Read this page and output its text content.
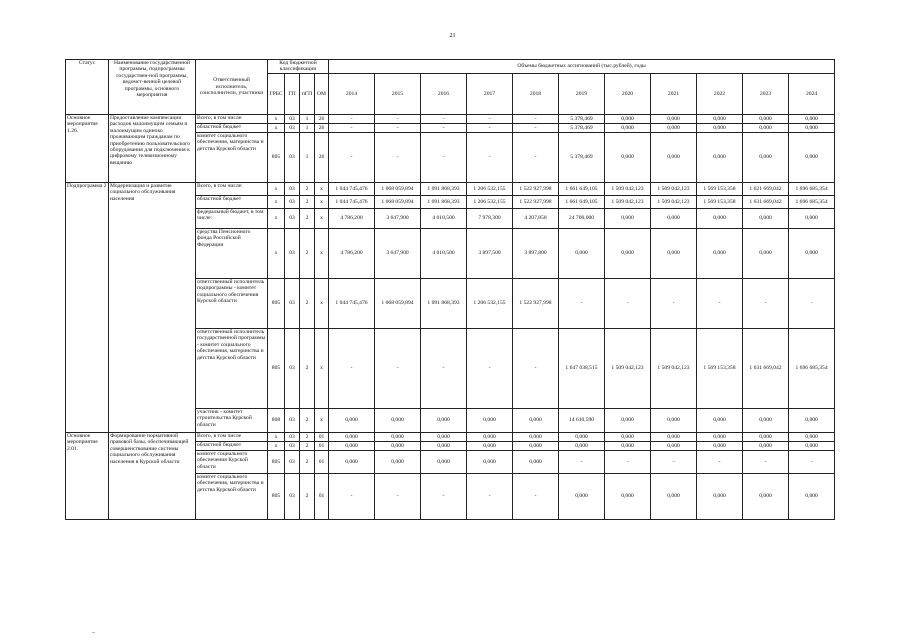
21
Статус	Наименование государственной программы, подпрограммы государствен-ной программы, ведомст-венной целевой программы, основного мероприятия	Ответственный исполнитель, соисполнители, участники	Код бюджетной классификации				Объемы бюджетных ассигнований (тыс.рублей), годы										
			ГРБС	ГП	пГП	ОМ	2014	2015	2016	2017	2018	2019	2020	2021	2022	2023	2024
Основное мероприятие 1.26.	Предоставление компенсации расходов малоимущим семьям и малоимущим одиноко проживающим гражданам по приобретению пользовательского оборудования для подключения к цифровому телевизионному вещанию	Всего, в том числе:	x	03	1	26	-	-	-	-	-	5 378,469	0,000	0,000	0,000	0,000	0,000
		областной бюджет	x	03	1	26	-	-	-	-	-	5 378,469	0,000	0,000	0,000	0,000	0,000
		комитет социального обеспечения, материнства и детства Курской области	805	03	1	26	-	-	-	-	-	5 378,469	0,000	0,000	0,000	0,000	0,000
Подпрограмма 2	Модернизация и развитие социального обслуживания населения	Всего, в том числе:	x	03	2	x	1 044 745,476	1 068 059,894	1 091 868,393	1 206 532,155	1 522 927,998	1 661 649,105	1 509 042,123	1 509 042,123	1 569 153,358	1 621 669,042	1 696 685,354
		областной бюджет	x	03	2	x	1 044 745,476	1 068 059,894	1 091 868,393	1 206 532,155	1 522 927,998	1 661 649,105	1 509 042,123	1 509 042,123	1 569 153,358	1 631 669,042	1 696 685,354
		федеральный бюджет, в том числе:	x	03	2	x	4 786,200	3 647,900	4 010,500	7 978,300	4 207,858	24 700,000	0,000	0,000	0,000	0,000	0,000
		средства Пенсионного фонда Российской Федерации	x	03	2	x	4 786,200	3 647,900	4 010,500	3 897,500	3 897,800	0,000	0,000	0,000	0,000	0,000	0,000
		ответственный исполнитель подпрограммы - комитет социального обеспечения Курской области	805	03	2	x	1 044 745,476	1 068 059,894	1 091 868,393	1 206 532,155	1 522 927,998	-	-	-	-	-	-
		ответственный исполнитель государственной программы - комитет социального обеспечения, материнства и детства Курской области	805	03	2	x	-	-	-	-	-	1 647 038,515	1 509 042,123	1 509 042,123	1 569 153,358	1 631 669,042	1 696 685,354
		участник - комитет строительства Курской области	808	03	2	x	0,000	0,000	0,000	0,000	0,000	14 610,590	0,000	0,000	0,000	0,000	0,000
Основное мероприятие 2.01.	Формирование нормативной правовой базы, обеспечивающей совершенствование системы социального обслуживания населения в Курской области	Всего, в том числе	x	03	2	01	0,000	0,000	0,000	0,000	0,000	0,000	0,000	0,000	0,000	0,000	0,000
		областной бюджет	x	03	2	01	0,000	0,000	0,000	0,000	0,000	0,000	0,000	0,000	0,000	0,000	0,000
		комитет социального обеспечения Курской области	805	03	2	01	0,000	0,000	0,000	0,000	0,000	-	-	-	-	-	-
		комитет социального обеспечения, материнства и детства Курской области	805	03	2	01	-	-	-	-	-	0,000	0,000	0,000	0,000	0,000	0,000
